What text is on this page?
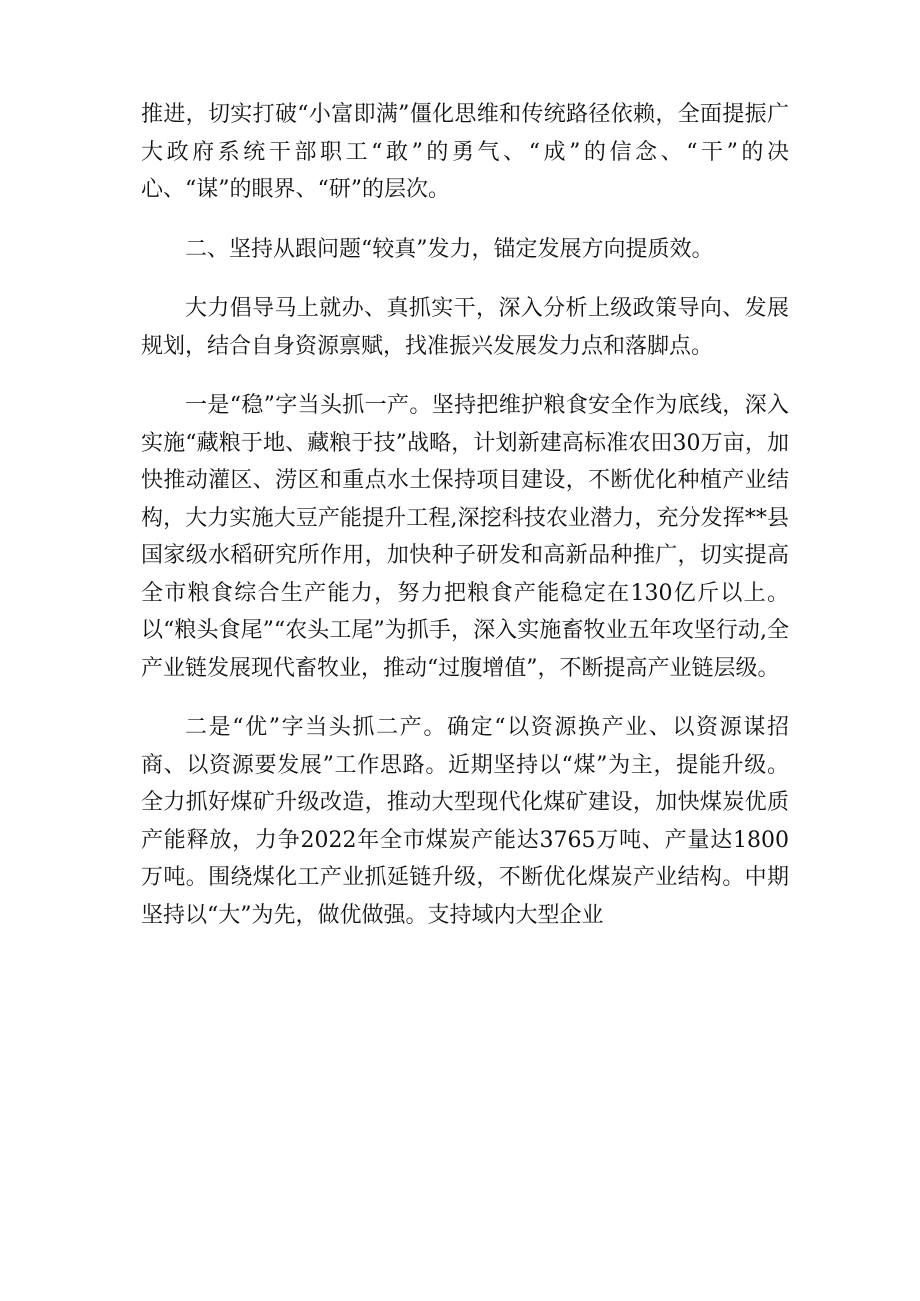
推进，切实打破“小富即满”僵化思维和传统路径依赖，全面提振广大政府系统干部职工“敢”的勇气、“成”的信念、“干”的决心、“谋”的眼界、“研”的层次。

二、坚持从跟问题“较真”发力，锚定发展方向提质效。

大力倡导马上就办、真抓实干，深入分析上级政策导向、发展规划，结合自身资源禀赋，找准振兴发展发力点和落脚点。

一是“稳”字当头抓一产。坚持把维护粮食安全作为底线，深入实施“藏粮于地、藏粮于技”战略，计划新建高标准农田30万亩，加快推动灌区、涝区和重点水土保持项目建设，不断优化种植产业结构，大力实施大豆产能提升工程,深挖科技农业潜力，充分发挥**县国家级水稻研究所作用，加快种子研发和高新品种推广，切实提高全市粮食综合生产能力，努力把粮食产能稳定在130亿斤以上。以“粮头食尾”“农头工尾”为抓手，深入实施畜牧业五年攻坚行动,全产业链发展现代畜牧业，推动“过腹增值”，不断提高产业链层级。

二是“优”字当头抓二产。确定“以资源换产业、以资源谋招商、以资源要发展”工作思路。近期坚持以“煤”为主，提能升级。全力抓好煤矿升级改造，推动大型现代化煤矿建设，加快煤炭优质产能释放，力争2022年全市煤炭产能达3765万吨、产量达1800万吨。围绕煤化工产业抓延链升级，不断优化煤炭产业结构。中期坚持以“大”为先，做优做强。支持域内大型企业
